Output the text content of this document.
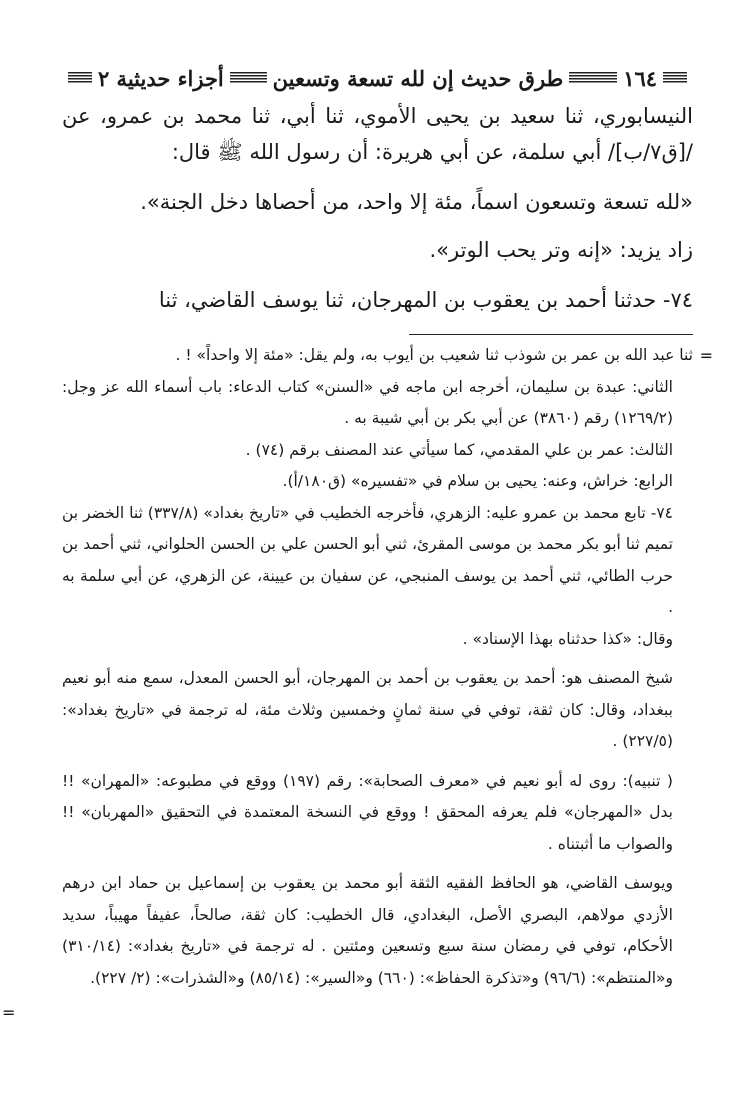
١٦٤
طرق حديث إن لله تسعة وتسعين
أجزاء حديثية ٢

النيسابوري، ثنا سعيد بن يحيى الأموي، ثنا أبي، ثنا محمد بن عمرو، عن /[ق٧/ب]/ أبي سلمة، عن أبي هريرة: أن رسول الله ﷺ قال:

«لله تسعة وتسعون اسماً، مئة إلا واحد، من أحصاها دخل الجنة».

زاد يزيد: «إنه وتر يحب الوتر».

٧٤- حدثنا أحمد بن يعقوب بن المهرجان، ثنا يوسف القاضي، ثنا

=
ثنا عبد الله بن عمر بن شوذب ثنا شعيب بن أيوب به، ولم يقل: «مئة إلا واحداً» ! .

الثاني: عبدة بن سليمان، أخرجه ابن ماجه في «السنن» كتاب الدعاء: باب أسماء الله عز وجل: (١٢٦٩/٢) رقم (٣٨٦٠) عن أبي بكر بن أبي شيبة به .

الثالث: عمر بن علي المقدمي، كما سيأتي عند المصنف برقم (٧٤) .

الرابع: خراش، وعنه: يحيى بن سلام في «تفسيره» (ق١٨٠/أ).

٧٤- تابع محمد بن عمرو عليه: الزهري، فأخرجه الخطيب في «تاريخ بغداد» (٣٣٧/٨) ثنا الخضر بن تميم ثنا أبو بكر محمد بن موسى المقرئ، ثني أبو الحسن علي بن الحسن الحلواني، ثني أحمد بن حرب الطائي، ثني أحمد بن يوسف المنبجي، عن سفيان بن عيينة، عن الزهري، عن أبي سلمة به .

وقال: «كذا حدثناه بهذا الإسناد» .

شيخ المصنف هو: أحمد بن يعقوب بن أحمد بن المهرجان، أبو الحسن المعدل، سمع منه أبو نعيم ببغداد، وقال: كان ثقة، توفي في سنة ثمانٍ وخمسين وثلاث مئة، له ترجمة في «تاريخ بغداد»: (٢٢٧/٥) .

( تنبيه): روى له أبو نعيم في «معرف الصحابة»: رقم (١٩٧) ووقع في مطبوعه: «المهران» !! بدل «المهرجان» فلم يعرفه المحقق ! ووقع في النسخة المعتمدة في التحقيق «المهربان» !! والصواب ما أثبتناه .

ويوسف القاضي، هو الحافظ الفقيه الثقة أبو محمد بن يعقوب بن إسماعيل بن حماد ابن درهم الأزدي مولاهم، البصري الأصل، البغدادي، قال الخطيب: كان ثقة، صالحاً، عفيفاً مهيباً، سديد الأحكام، توفي في رمضان سنة سبع وتسعين ومئتين . له ترجمة في «تاريخ بغداد»: (٣١٠/١٤) و«المنتظم»: (٩٦/٦) و«تذكرة الحفاظ»: (٦٦٠) و«السير»: (٨٥/١٤) و«الشذرات»: (٢/ ٢٢٧).

=
